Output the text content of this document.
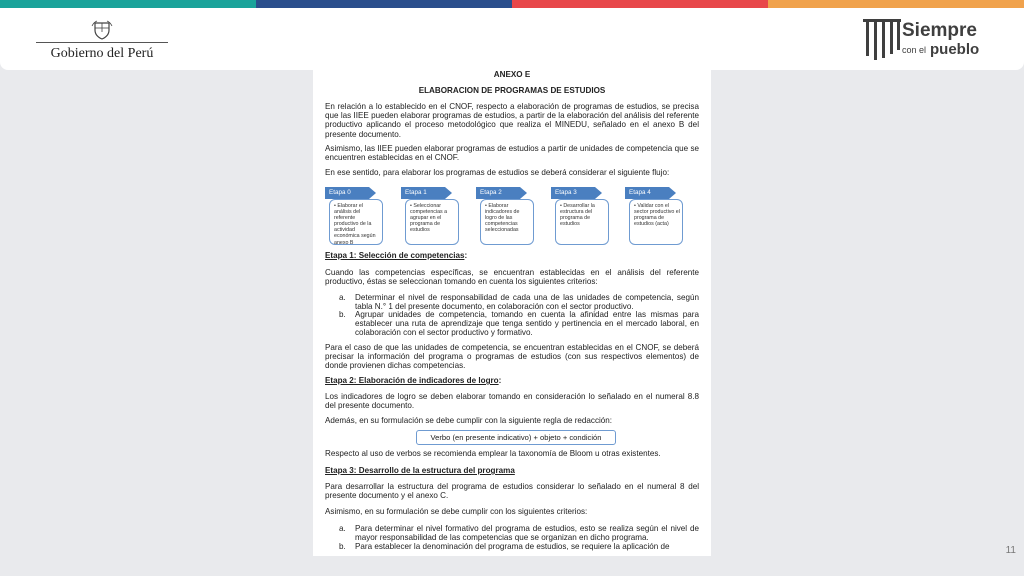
Gobierno del Perú
Siempre
con el pueblo
ANEXO E
ELABORACION DE PROGRAMAS DE ESTUDIOS
En relación a lo establecido en el CNOF, respecto a elaboración de programas de estudios, se precisa que las IIEE pueden elaborar programas de estudios, a partir de la elaboración del análisis del referente productivo aplicando el proceso metodológico que realiza el MINEDU, señalado en el anexo B del presente documento.
Asimismo, las IIEE pueden elaborar programas de estudios a partir de unidades de competencia que se encuentren establecidas en el CNOF.
En ese sentido, para elaborar los programas de estudios se deberá considerar el siguiente flujo:
Etapa 0
• Elaborar el análisis del referente productivo de la actividad económica según anexo B
Etapa 1
• Seleccionar competencias a agrupar en el programa de estudios
Etapa 2
• Elaborar indicadores de logro de las competencias seleccionadas
Etapa 3
• Desarrollar la estructura del programa de estudios
Etapa 4
• Validar con el sector productivo el programa de estudios (acta)
Etapa 1: Selección de competencias:
Cuando las competencias específicas, se encuentran establecidas en el análisis del referente productivo, éstas se seleccionan tomando en cuenta los siguientes criterios:
a. Determinar el nivel de responsabilidad de cada una de las unidades de competencia, según tabla N.° 1 del presente documento, en colaboración con el sector productivo.
b. Agrupar unidades de competencia, tomando en cuenta la afinidad entre las mismas para establecer una ruta de aprendizaje que tenga sentido y pertinencia en el mercado laboral, en colaboración con el sector productivo y formativo.
Para el caso de que las unidades de competencia, se encuentran establecidas en el CNOF, se deberá precisar la información del programa o programas de estudios (con sus respectivos elementos) de donde provienen dichas competencias.
Etapa 2: Elaboración de indicadores de logro:
Los indicadores de logro se deben elaborar tomando en consideración lo señalado en el numeral 8.8 del presente documento.
Además, en su formulación se debe cumplir con la siguiente regla de redacción:
Verbo (en presente indicativo) + objeto + condición
Respecto al uso de verbos se recomienda emplear la taxonomía de Bloom u otras existentes.
Etapa 3: Desarrollo de la estructura del programa
Para desarrollar la estructura del programa de estudios considerar lo señalado en el numeral 8 del presente documento y el anexo C.
Asimismo, en su formulación se debe cumplir con los siguientes criterios:
a. Para determinar el nivel formativo del programa de estudios, esto se realiza según el nivel de mayor responsabilidad de las competencias que se organizan en dicho programa.
b. Para establecer la denominación del programa de estudios, se requiere la aplicación de	11
